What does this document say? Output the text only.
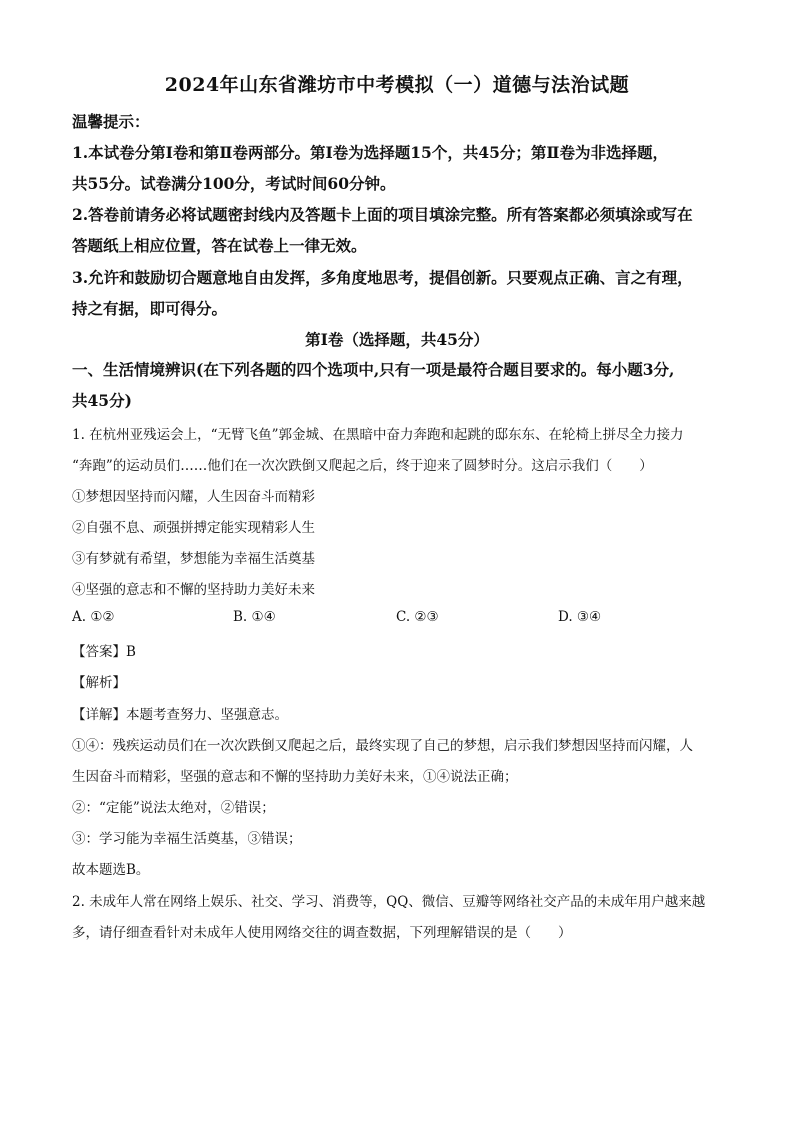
2024年山东省潍坊市中考模拟（一）道德与法治试题
温馨提示：
1.本试卷分第Ⅰ卷和第Ⅱ卷两部分。第Ⅰ卷为选择题15个，共45分；第Ⅱ卷为非选择题，
共55分。试卷满分100分，考试时间60分钟。
2.答卷前请务必将试题密封线内及答题卡上面的项目填涂完整。所有答案都必须填涂或写在
答题纸上相应位置，答在试卷上一律无效。
3.允许和鼓励切合题意地自由发挥，多角度地思考，提倡创新。只要观点正确、言之有理，
持之有据，即可得分。
第Ⅰ卷（选择题，共45分）
一、生活情境辨识(在下列各题的四个选项中,只有一项是最符合题目要求的。每小题3分,
共45分)
1. 在杭州亚残运会上，“无臂飞鱼”郭金城、在黑暗中奋力奔跑和起跳的邸东东、在轮椅上拼尽全力接力
“奔跑”的运动员们……他们在一次次跌倒又爬起之后，终于迎来了圆梦时分。这启示我们（　　）
①梦想因坚持而闪耀，人生因奋斗而精彩
②自强不息、顽强拼搏定能实现精彩人生
③有梦就有希望，梦想能为幸福生活奠基
④坚强的意志和不懈的坚持助力美好未来
A. ①②	B. ①④	C. ②③	D. ③④
【答案】B
【解析】
【详解】本题考查努力、坚强意志。
①④：残疾运动员们在一次次跌倒又爬起之后，最终实现了自己的梦想，启示我们梦想因坚持而闪耀，人
生因奋斗而精彩，坚强的意志和不懈的坚持助力美好未来，①④说法正确；
②：“定能”说法太绝对，②错误；
③：学习能为幸福生活奠基，③错误；
故本题选B。
2. 未成年人常在网络上娱乐、社交、学习、消费等，QQ、微信、豆瓣等网络社交产品的未成年用户越来越
多，请仔细查看针对未成年人使用网络交往的调查数据，下列理解错误的是（　　）
